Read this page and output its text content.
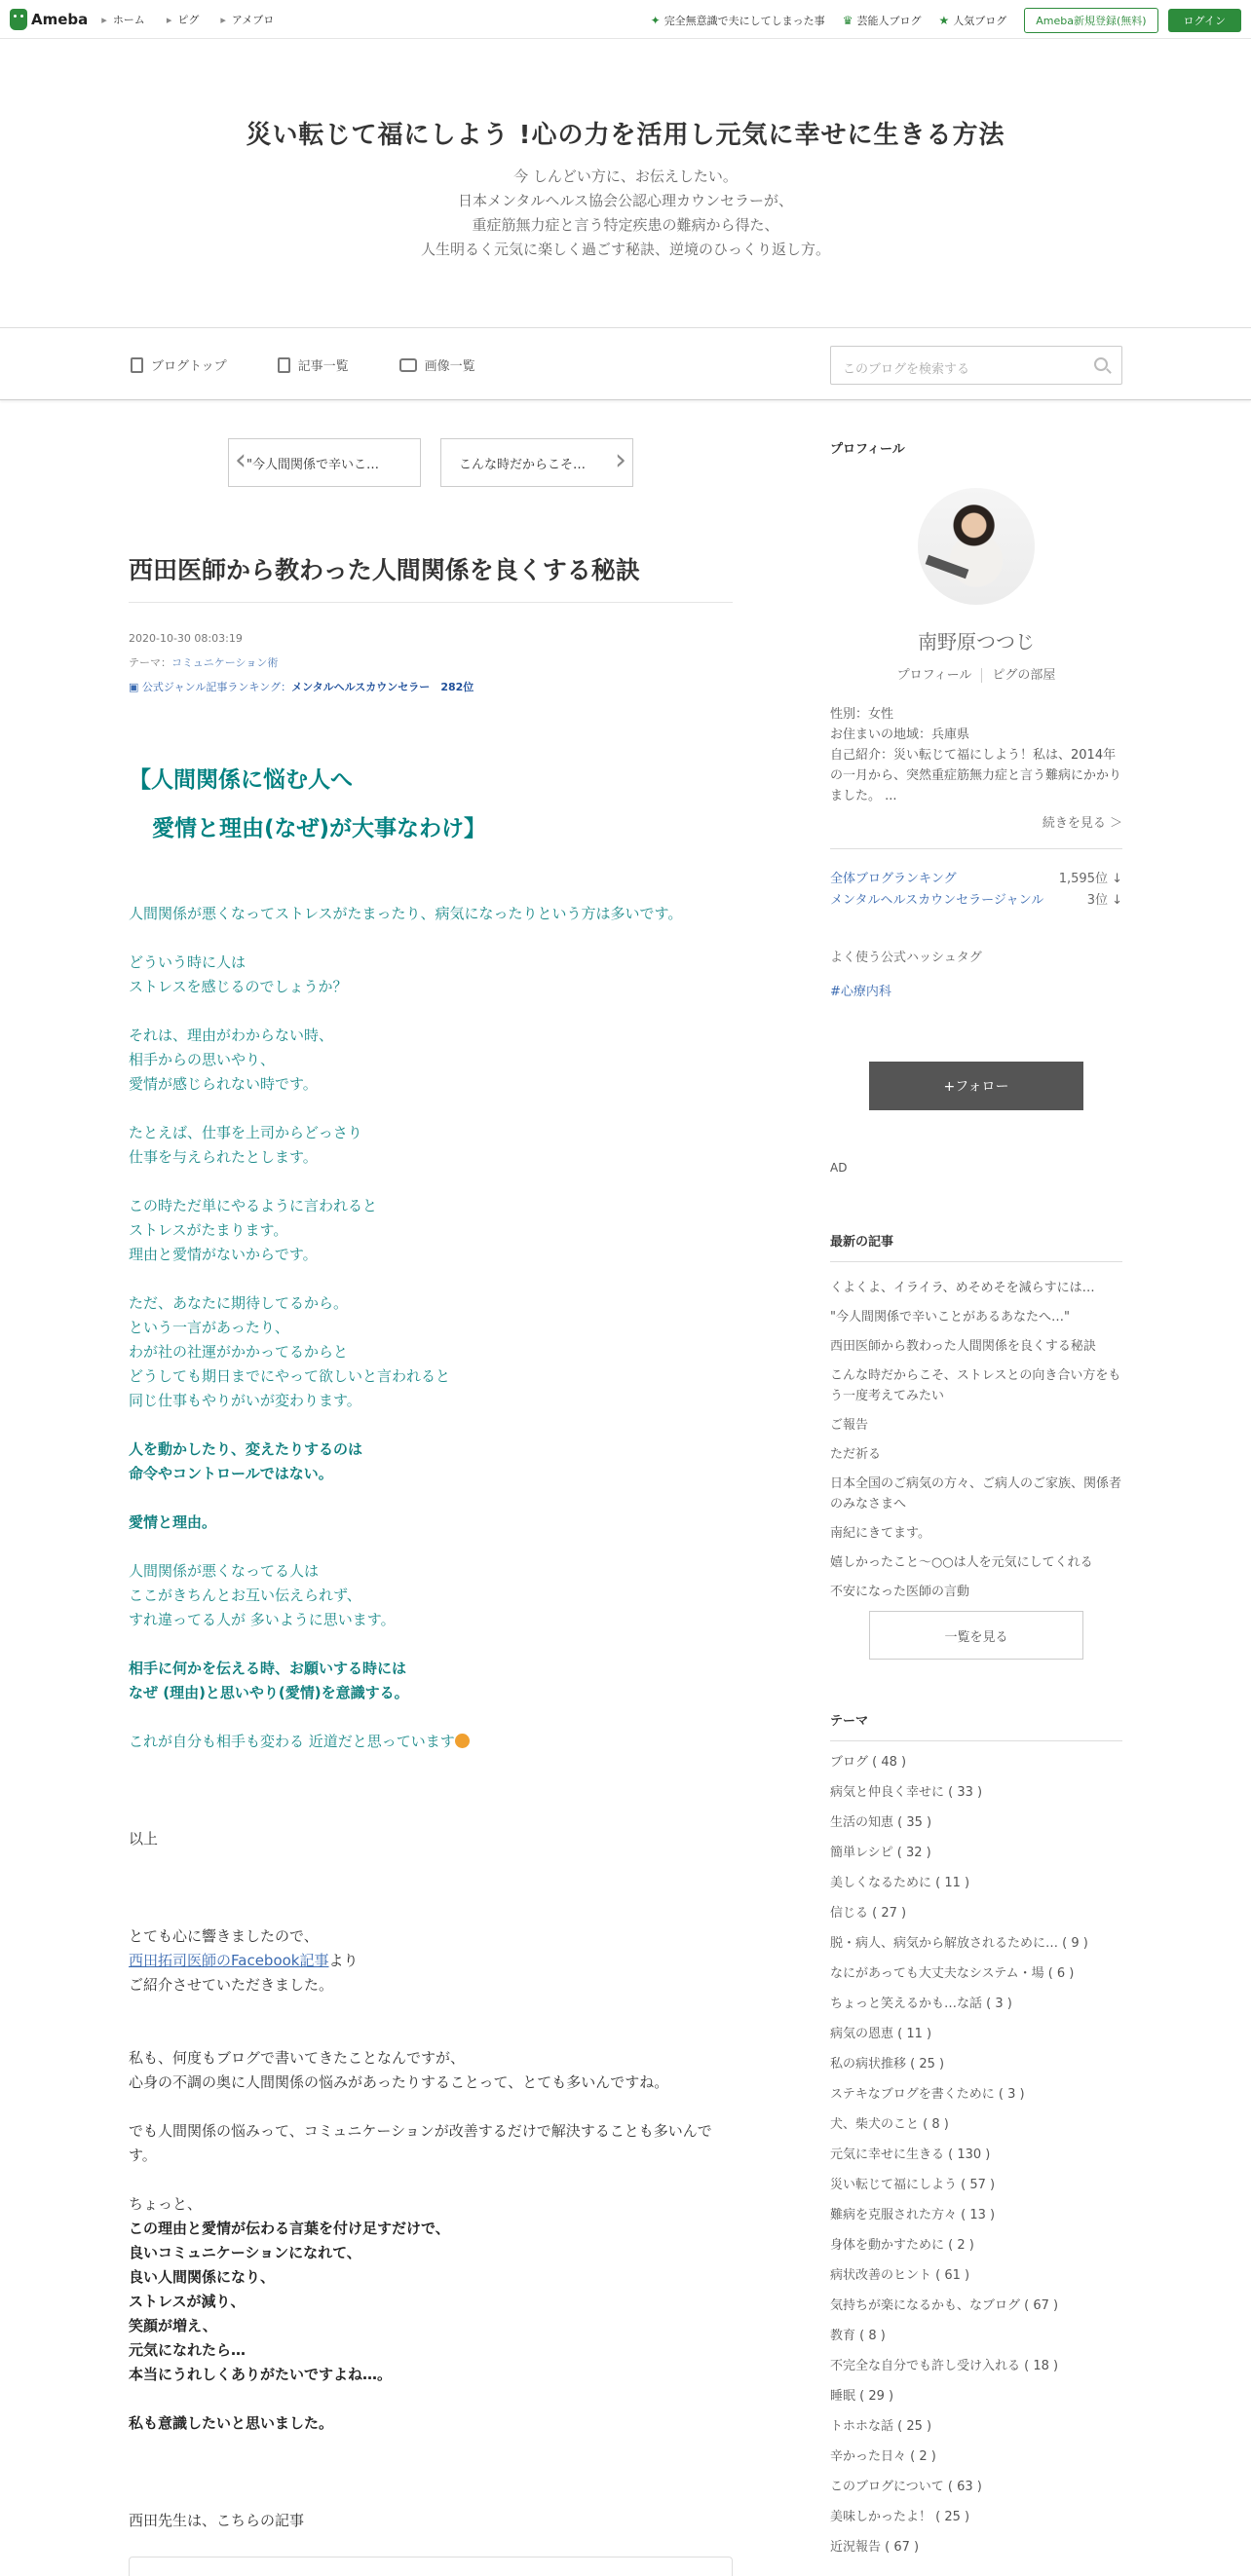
Ameba	▸ ホーム	▸ ピグ	▸ アメブロ	✦ 完全無意識で夫にしてしまった事 ♛ 芸能人ブログ ★ 人気ブログ	Ameba新規登録(無料)	ログイン
災い転じて福にしよう !心の力を活用し元気に幸せに生きる方法

今 しんどい方に、お伝えしたい。
日本メンタルヘルス協会公認心理カウンセラーが、
重症筋無力症と言う特定疾患の難病から得た、
人生明るく元気に楽しく過ごす秘訣、逆境のひっくり返し方。

ブログトップ	記事一覧	画像一覧	このブログを検索する
‹ "今人間関係で辛いこ…	こんな時だからこそ… ›
西田医師から教わった人間関係を良くする秘訣
2020-10-30 08:03:19
テーマ：コミュニケーション術
▣ 公式ジャンル記事ランキング：メンタルヘルスカウンセラー　 282位
【人間関係に悩む人へ
愛情と理由(なぜ)が大事なわけ】
人間関係が悪くなってストレスがたまったり、病気になったりという方は多いです。
どういう時に人は
ストレスを感じるのでしょうか？
それは、理由がわからない時、
相手からの思いやり、
愛情が感じられない時です。
たとえば、仕事を上司からどっさり
仕事を与えられたとします。
この時ただ単にやるように言われると
ストレスがたまります。
理由と愛情がないからです。
ただ、あなたに期待してるから。
という一言があったり、
わが社の社運がかかってるからと
どうしても期日までにやって欲しいと言われると
同じ仕事もやりがいが変わります。
人を動かしたり、変えたりするのは
命令やコントロールではない。
愛情と理由。
人間関係が悪くなってる人は
ここがきちんとお互い伝えられず、
すれ違ってる人が 多いように思います。
相手に何かを伝える時、お願いする時には
なぜ (理由)と思いやり(愛情)を意識する。
これが自分も相手も変わる 近道だと思っています
以上
とても心に響きましたので、
西田拓司医師のFacebook記事より
ご紹介させていただきました。
私も、何度もブログで書いてきたことなんですが、
心身の不調の奥に人間関係の悩みがあったりすることって、とても多いんですね。
でも人間関係の悩みって、コミュニケーションが改善するだけで解決することも多いんです。
ちょっと、
この理由と愛情が伝わる言葉を付け足すだけで、
良いコミュニケーションになれて、
良い人間関係になり、
ストレスが減り、
笑顔が増え、
元気になれたら…
本当にうれしくありがたいですよね…。
私も意識したいと思いました。
西田先生は、こちらの記事
プロフィール
南野原つつじ
プロフィール ピグの部屋
性別：女性
お住まいの地域：兵庫県
自己紹介：災い転じて福にしよう！私は、2014年の一月から、突然重症筋無力症と言う難病にかかりました。 ...
続きを見る ＞
全体ブログランキング	1,595位 ↓
メンタルヘルスカウンセラージャンル	3位 ↓
よく使う公式ハッシュタグ
#心療内科
+フォロー
AD
最新の記事
くよくよ、イライラ、めそめそを減らすには…
"今人間関係で辛いことがあるあなたへ…"
西田医師から教わった人間関係を良くする秘訣
こんな時だからこそ、ストレスとの向き合い方をもう一度考えてみたい
ご報告
ただ祈る
日本全国のご病気の方々、ご病人のご家族、関係者のみなさまへ
南紀にきてます。
嬉しかったこと〜○○は人を元気にしてくれる
不安になった医師の言動
一覧を見る
テーマ
ブログ ( 48 )
病気と仲良く幸せに ( 33 )
生活の知恵 ( 35 )
簡単レシピ ( 32 )
美しくなるために ( 11 )
信じる ( 27 )
脱・病人、病気から解放されるために… ( 9 )
なにがあっても大丈夫なシステム・場 ( 6 )
ちょっと笑えるかも…な話 ( 3 )
病気の恩恵 ( 11 )
私の病状推移 ( 25 )
ステキなブログを書くために ( 3 )
犬、柴犬のこと ( 8 )
元気に幸せに生きる ( 130 )
災い転じて福にしよう ( 57 )
難病を克服された方々 ( 13 )
身体を動かすために ( 2 )
病状改善のヒント ( 61 )
気持ちが楽になるかも、なブログ ( 67 )
教育 ( 8 )
不完全な自分でも許し受け入れる ( 18 )
睡眠 ( 29 )
トホホな話 ( 25 )
辛かった日々 ( 2 )
このブログについて ( 63 )
美味しかったよ！ ( 25 )
近況報告 ( 67 )
